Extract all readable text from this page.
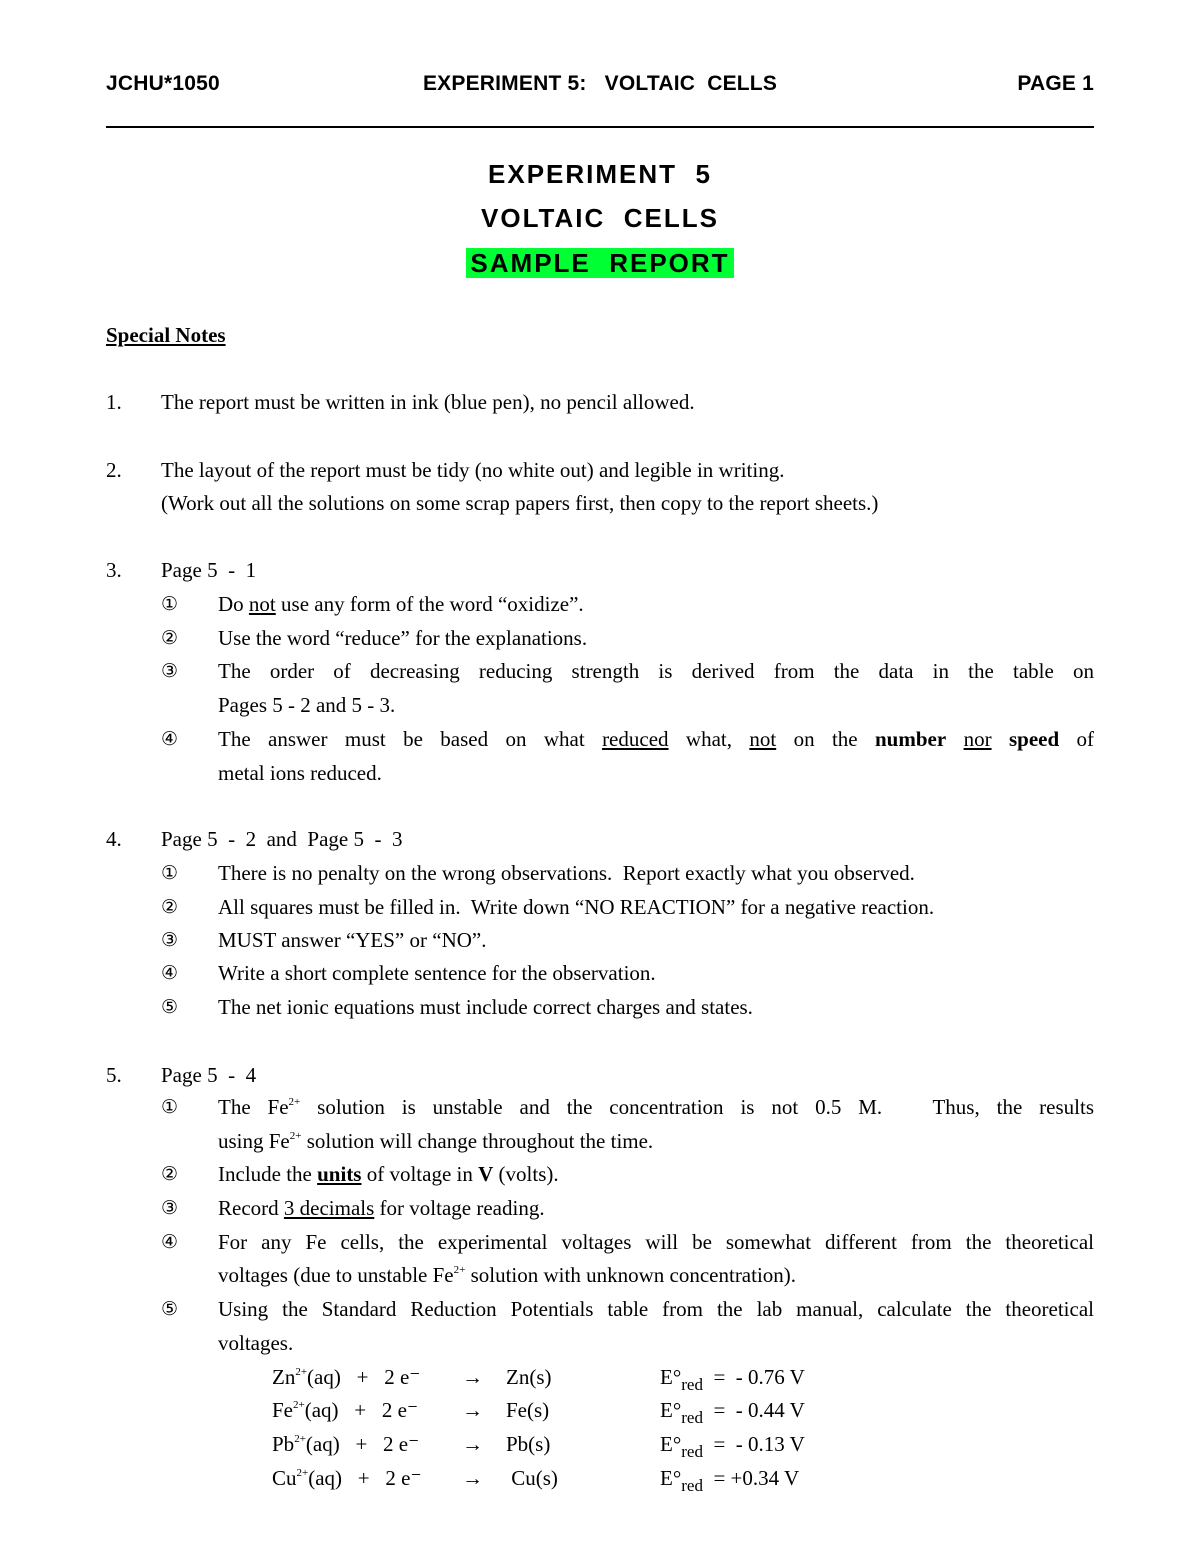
JCHU*1050	EXPERIMENT 5:   VOLTAIC  CELLS	PAGE 1
EXPERIMENT  5
VOLTAIC  CELLS
SAMPLE  REPORT
Special Notes
1. The report must be written in ink (blue pen), no pencil allowed.
2. The layout of the report must be tidy (no white out) and legible in writing.
(Work out all the solutions on some scrap papers first, then copy to the report sheets.)
3. Page 5  -  1
① Do not use any form of the word “oxidize”.
② Use the word “reduce” for the explanations.
③ The order of decreasing reducing strength is derived from the data in the table on
Pages 5 - 2 and 5 - 3.
④ The answer must be based on what reduced what, not on the number nor speed of
metal ions reduced.
4. Page 5  -  2  and  Page 5  -  3
① There is no penalty on the wrong observations.  Report exactly what you observed.
② All squares must be filled in.  Write down “NO REACTION” for a negative reaction.
③ MUST answer “YES” or “NO”.
④ Write a short complete sentence for the observation.
⑤ The net ionic equations must include correct charges and states.
5. Page 5  -  4
① The $Fe^{2+}$ solution is unstable and the concentration is not 0.5 M.   Thus, the results
using $Fe^{2+}$ solution will change throughout the time.
② Include the units of voltage in V (volts).
③ Record 3 decimals for voltage reading.
④ For any Fe cells, the experimental voltages will be somewhat different from the theoretical
voltages (due to unstable $Fe^{2+}$ solution with unknown concentration).
⑤ Using the Standard Reduction Potentials table from the lab manual, calculate the theoretical
voltages.
$Zn^{2+}(aq) + 2$ e⁻ → Zn(s)	$E^\circ_{red}$ =  - 0.76 V
$Fe^{2+}(aq) + 2$ e⁻ → Fe(s)	$E^\circ_{red}$ =  - 0.44 V
$Pb^{2+}(aq) + 2$ e⁻ → Pb(s)	$E^\circ_{red}$ =  - 0.13 V
$Cu^{2+}(aq) + 2$ e⁻ → Cu(s)	$E^\circ_{red} = +0.34$ V
